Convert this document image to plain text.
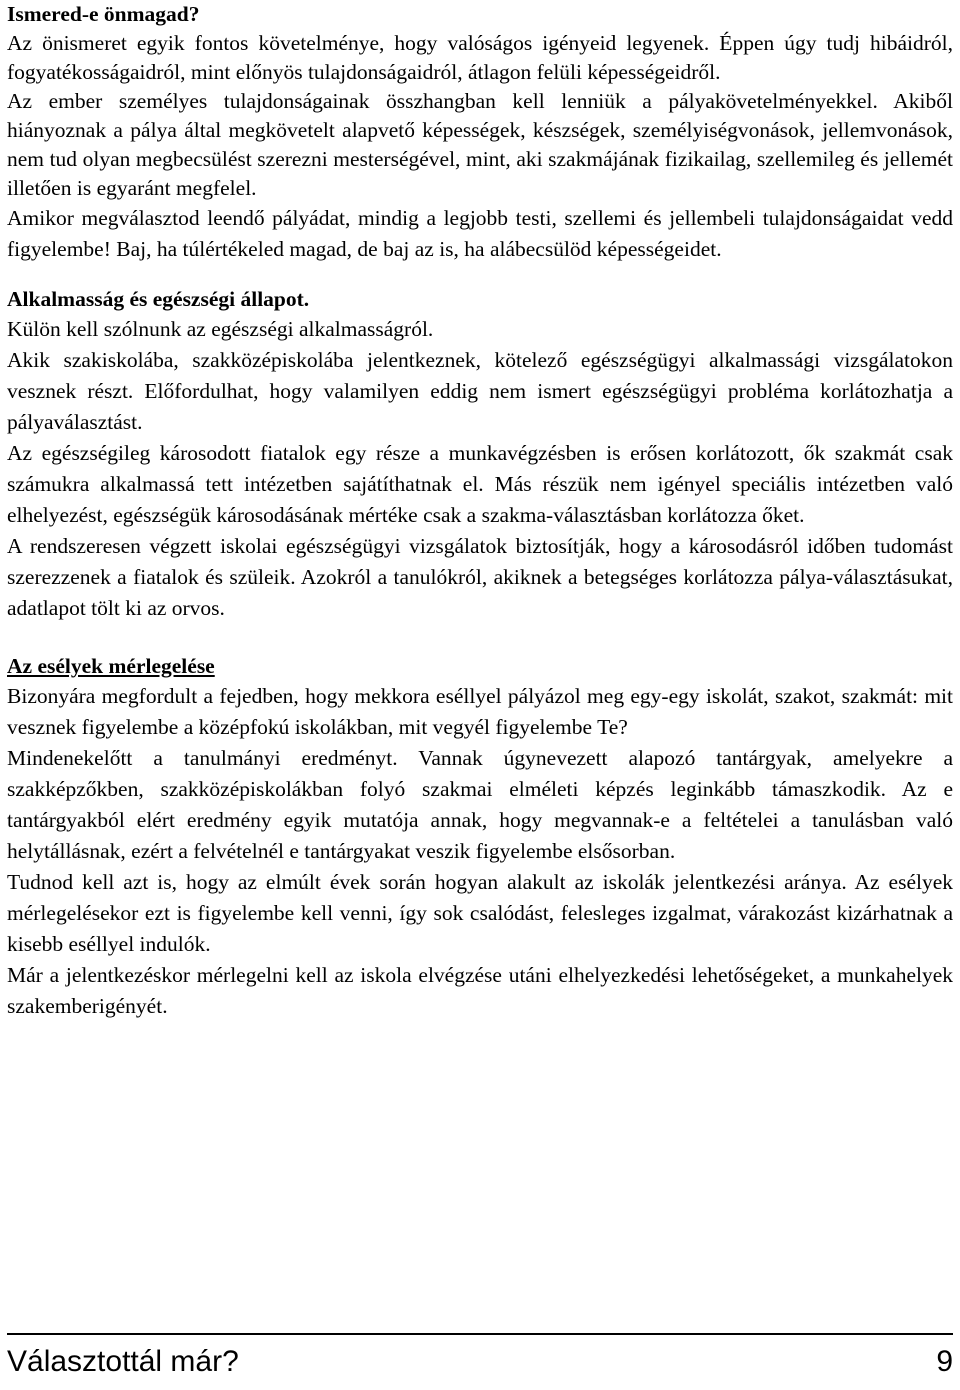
Ismered-e önmagad?

Az önismeret egyik fontos követelménye, hogy valóságos igényeid legyenek. Éppen úgy tudj hibáidról, fogyatékosságaidról, mint előnyös tulajdonságaidról, átlagon felüli képességeidről.

Az ember személyes tulajdonságainak összhangban kell lenniük a pályakövetelményekkel. Akiből hiányoznak a pálya által megkövetelt alapvető képességek, készségek, személyiségvonások, jellemvonások, nem tud olyan megbecsülést szerezni mesterségével, mint, aki szakmájának fizikailag, szellemileg és jellemét illetően is egyaránt megfelel.

Amikor megválasztod leendő pályádat, mindig a legjobb testi, szellemi és jellembeli tulajdonságaidat vedd figyelembe! Baj, ha túlértékeled magad, de baj az is, ha alábecsülöd képességeidet.

Alkalmasság és egészségi állapot.

Külön kell szólnunk az egészségi alkalmasságról.

Akik szakiskolába, szakközépiskolába jelentkeznek, kötelező egészségügyi alkalmassági vizsgálatokon vesznek részt. Előfordulhat, hogy valamilyen eddig nem ismert egészségügyi probléma korlátozhatja a pályaválasztást.

Az egészségileg károsodott fiatalok egy része a munkavégzésben is erősen korlátozott, ők szakmát csak számukra alkalmassá tett intézetben sajátíthatnak el. Más részük nem igényel speciális intézetben való elhelyezést, egészségük károsodásának mértéke csak a szakma-választásban korlátozza őket.

A rendszeresen végzett iskolai egészségügyi vizsgálatok biztosítják, hogy a károsodásról időben tudomást szerezzenek a fiatalok és szüleik. Azokról a tanulókról, akiknek a betegséges korlátozza pálya-választásukat, adatlapot tölt ki az orvos.

Az esélyek mérlegelése

Bizonyára megfordult a fejedben, hogy mekkora eséllyel pályázol meg egy-egy iskolát, szakot, szakmát: mit vesznek figyelembe a középfokú iskolákban, mit vegyél figyelembe Te?

Mindenekelőtt a tanulmányi eredményt. Vannak úgynevezett alapozó tantárgyak, amelyekre a szakképzőkben, szakközépiskolákban folyó szakmai elméleti képzés leginkább támaszkodik. Az e tantárgyakból elért eredmény egyik mutatója annak, hogy megvannak-e a feltételei a tanulásban való helytállásnak, ezért a felvételnél e tantárgyakat veszik figyelembe elsősorban.

Tudnod kell azt is, hogy az elmúlt évek során hogyan alakult az iskolák jelentkezési aránya. Az esélyek mérlegelésekor ezt is figyelembe kell venni, így sok csalódást, felesleges izgalmat, várakozást kizárhatnak a kisebb eséllyel indulók.

Már a jelentkezéskor mérlegelni kell az iskola elvégzése utáni elhelyezkedési lehetőségeket, a munkahelyek szakemberigényét.

Választottál már?	9
